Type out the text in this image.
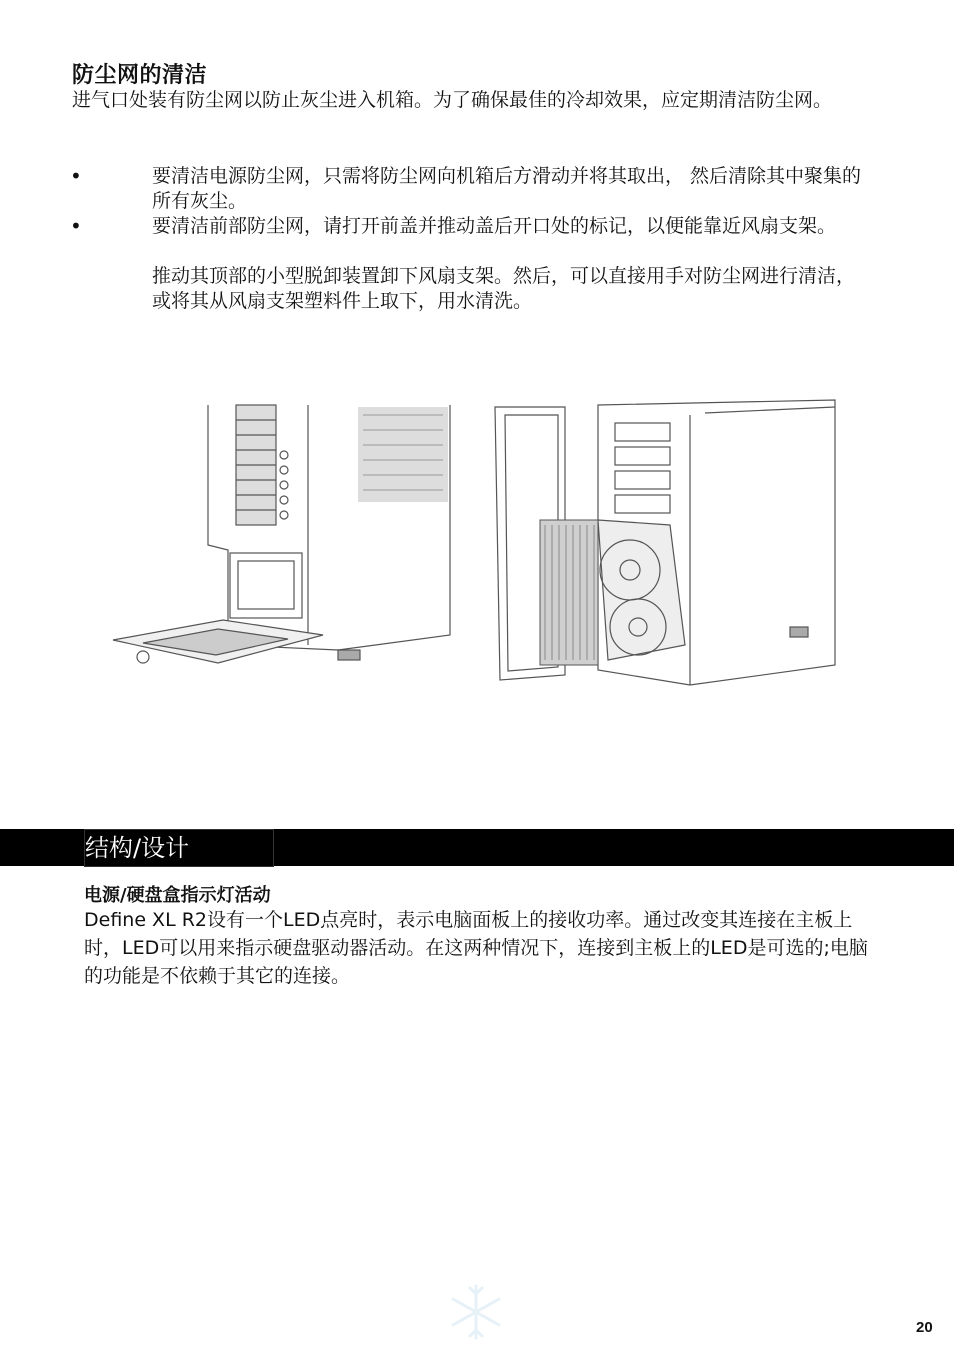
防尘网的清洁
进气口处装有防尘网以防止灰尘进入机箱。为了确保最佳的冷却效果，应定期清洁防尘网。
•	要清洁电源防尘网，只需将防尘网向机箱后方滑动并将其取出， 然后清除其中聚集的所有灰尘。
•	要清洁前部防尘网，请打开前盖并推动盖后开口处的标记，以便能靠近风扇支架。
推动其顶部的小型脱卸装置卸下风扇支架。然后，可以直接用手对防尘网进行清洁，或将其从风扇支架塑料件上取下，用水清洗。
结构/设计
电源/硬盘盒指示灯活动
Define XL R2设有一个LED点亮时，表示电脑面板上的接收功率。通过改变其连接在主板上时，LED可以用来指示硬盘驱动器活动。在这两种情况下，连接到主板上的LED是可选的;电脑的功能是不依赖于其它的连接。
20
